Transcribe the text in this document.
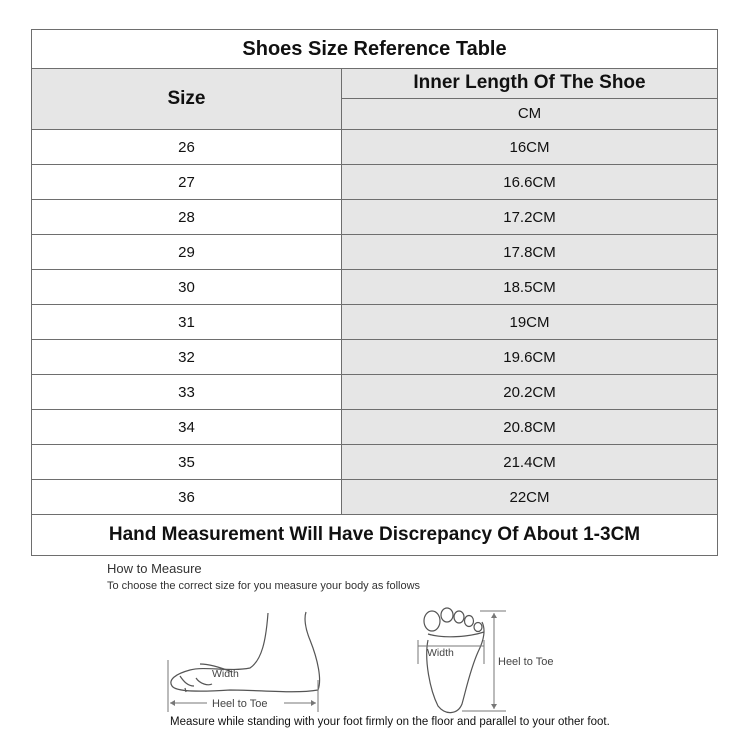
Shoes Size Reference Table	
Size	Inner Length Of The Shoe
	CM
26	16CM
27	16.6CM
28	17.2CM
29	17.8CM
30	18.5CM
31	19CM
32	19.6CM
33	20.2CM
34	20.8CM
35	21.4CM
36	22CM
Hand Measurement Will Have Discrepancy Of About 1-3CM	
How to Measure
To choose the correct size for you measure your body as follows
Width
Heel to Toe
Width
Heel to Toe
Measure while standing with your foot firmly on the floor and parallel to your other foot.
